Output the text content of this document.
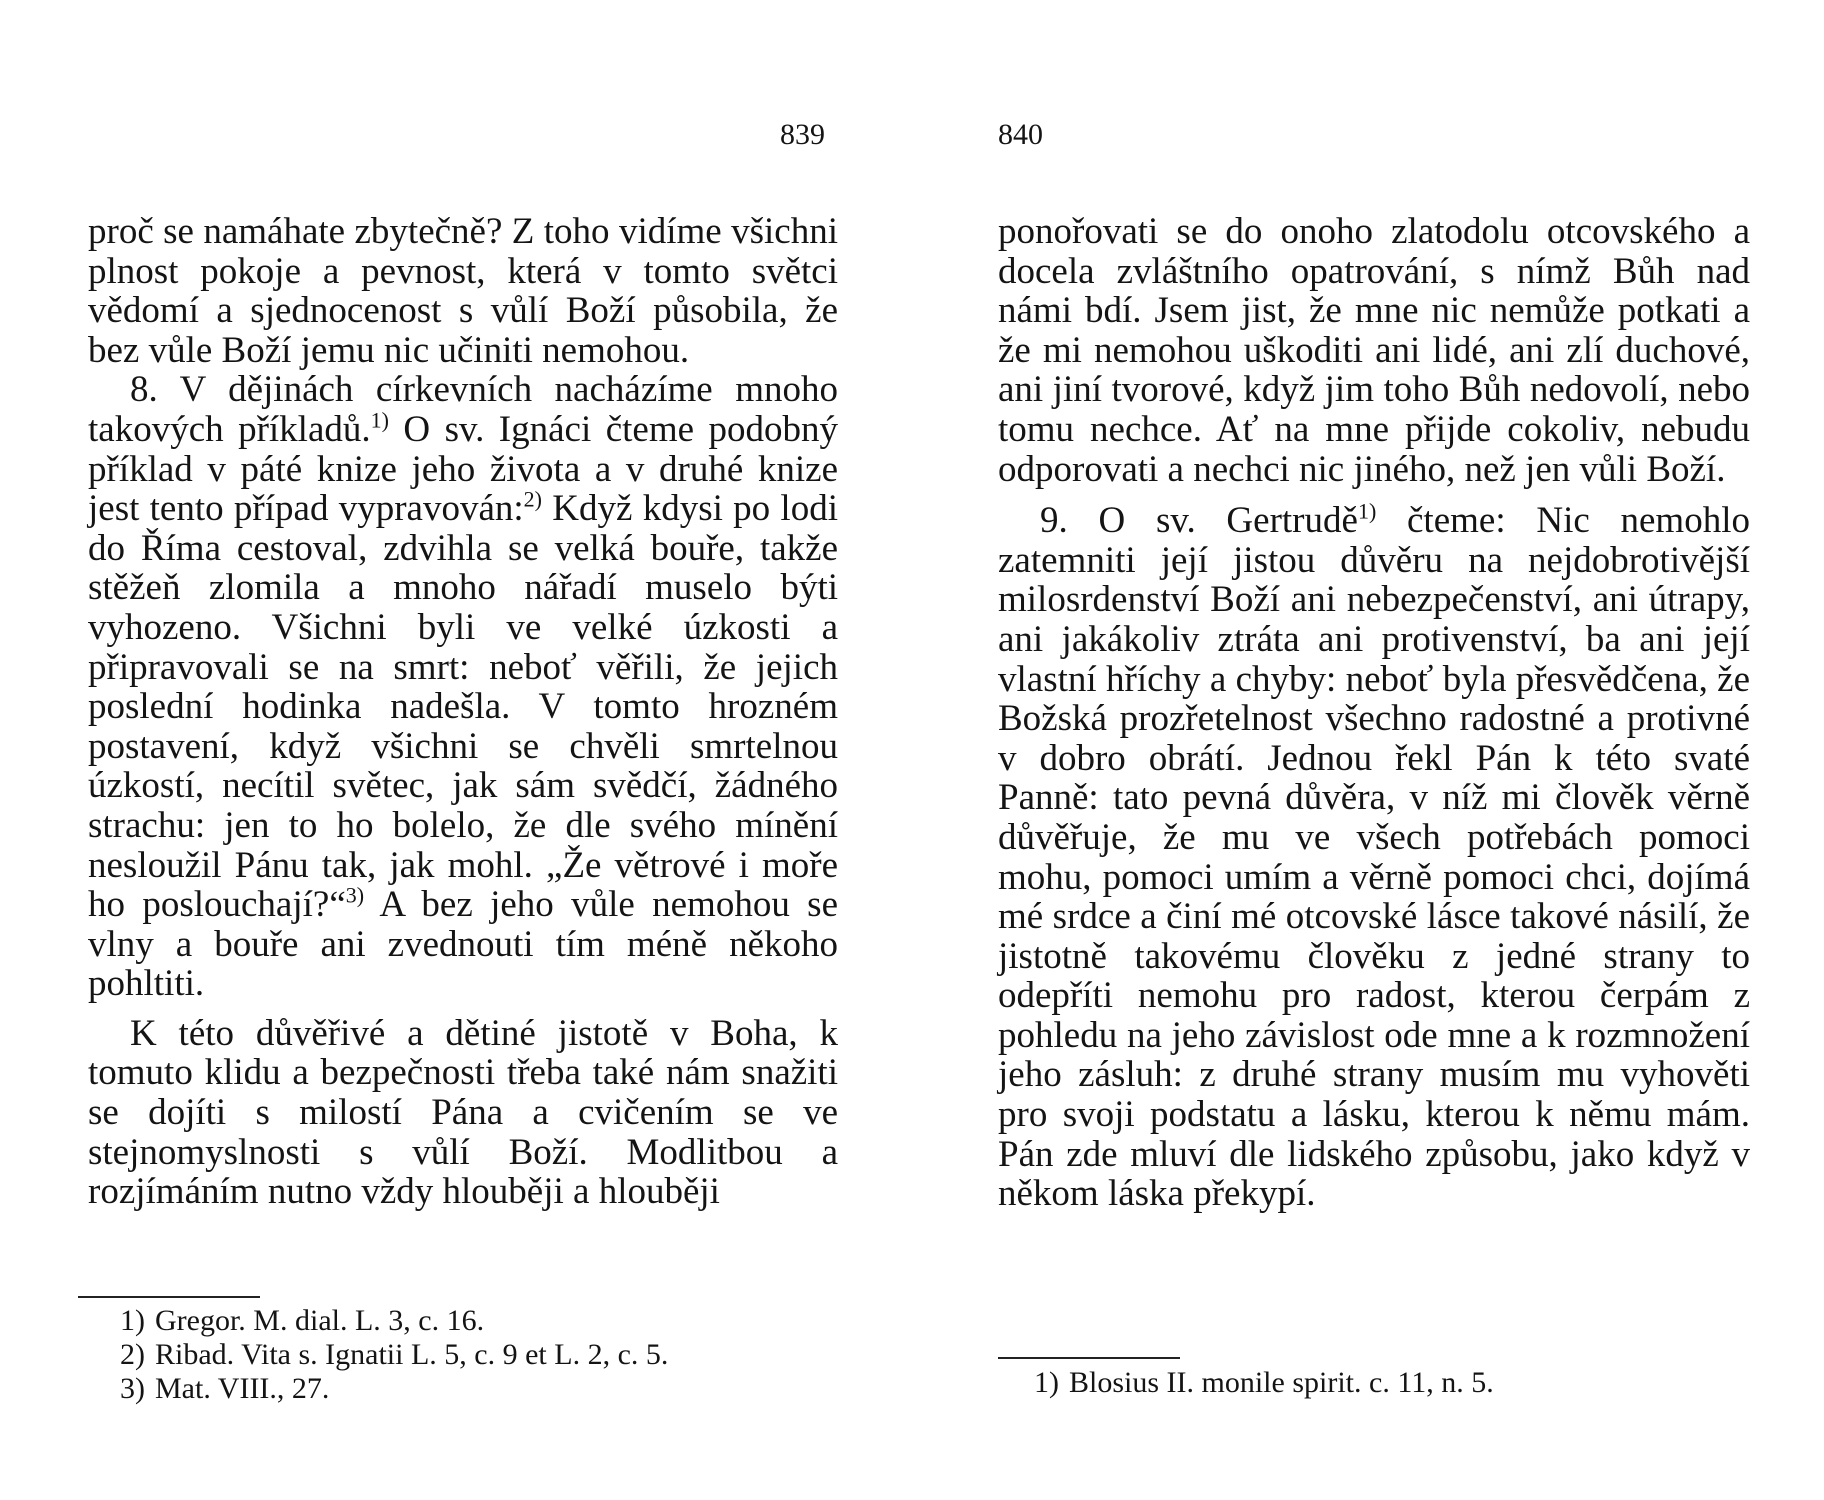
839

proč se namáhate zbytečně? Z toho vidíme všichni plnost pokoje a pevnost, která v tomto světci vědomí a sjednocenost s vůlí Boží působila, že bez vůle Boží jemu nic učiniti nemohou.

8. V dějinách církevních nacházíme mnoho takových příkladů.$^{1)}$ O sv. Ignáci čteme podobný příklad v páté knize jeho života a v druhé knize jest tento případ vypravován:$^{2)}$ Když kdysi po lodi do Říma cestoval, zdvihla se velká bouře, takže stěžeň zlomila a mnoho nářadí muselo býti vyhozeno. Všichni byli ve velké úzkosti a připravovali se na smrt: neboť věřili, že jejich poslední hodinka nadešla. V tomto hrozném postavení, když všichni se chvěli smrtelnou úzkostí, necítil světec, jak sám svědčí, žádného strachu: jen to ho bolelo, že dle svého mínění nesloužil Pánu tak, jak mohl. „Že větrové i moře ho poslouchají?“$^{3)}$ A bez jeho vůle nemohou se vlny a bouře ani zvednouti tím méně někoho pohltiti.

K této důvěřivé a dětiné jistotě v Boha, k tomuto klidu a bezpečnosti třeba také nám snažiti se dojíti s milostí Pána a cvičením se ve stejnomyslnosti s vůlí Boží. Modlitbou a rozjímáním nutno vždy hlouběji a hlouběji

1) Gregor. M. dial. L. 3, c. 16.

2) Ribad. Vita s. Ignatii L. 5, c. 9 et L. 2, c. 5.

3) Mat. VIII., 27.

840

ponořovati se do onoho zlatodolu otcovského a docela zvláštního opatrování, s nímž Bůh nad námi bdí. Jsem jist, že mne nic nemůže potkati a že mi nemohou uškoditi ani lidé, ani zlí duchové, ani jiní tvorové, když jim toho Bůh nedovolí, nebo tomu nechce. Ať na mne přijde cokoliv, nebudu odporovati a nechci nic jiného, než jen vůli Boží.

9. O sv. Gertrudě$^{1)}$ čteme: Nic nemohlo zatemniti její jistou důvěru na nejdobrotivější milosrdenství Boží ani nebezpečenství, ani útrapy, ani jakákoliv ztráta ani protivenství, ba ani její vlastní hříchy a chyby: neboť byla přesvědčena, že Božská prozřetelnost všechno radostné a protivné v dobro obrátí. Jednou řekl Pán k této svaté Panně: tato pevná důvěra, v níž mi člověk věrně důvěřuje, že mu ve všech potřebách pomoci mohu, pomoci umím a věrně pomoci chci, dojímá mé srdce a činí mé otcovské lásce takové násilí, že jistotně takovému člověku z jedné strany to odepříti nemohu pro radost, kterou čerpám z pohledu na jeho závislost ode mne a k rozmnožení jeho zásluh: z druhé strany musím mu vyhověti pro svoji podstatu a lásku, kterou k němu mám. Pán zde mluví dle lidského způsobu, jako když v někom láska překypí.

1) Blosius II. monile spirit. c. 11, n. 5.
